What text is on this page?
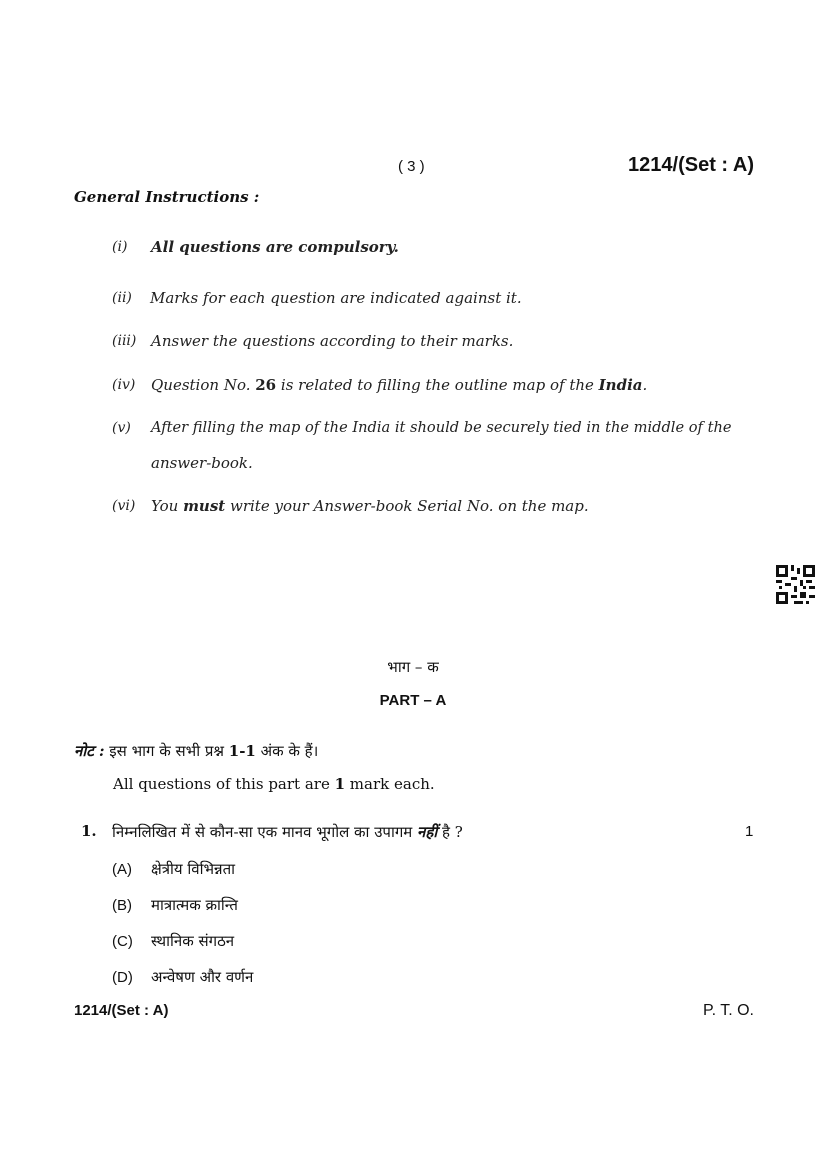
( 3 )	1214/(Set : A)
General Instructions :
(i) All questions are compulsory.
(ii) Marks for each question are indicated against it.
(iii) Answer the questions according to their marks.
(iv) Question No. 26 is related to filling the outline map of the India.
(v) After filling the map of the India it should be securely tied in the middle of the
answer-book.
(vi) You must write your Answer-book Serial No. on the map.
भाग – क
PART – A
नोट : इस भाग के सभी प्रश्न 1-1 अंक के हैं।
All questions of this part are 1 mark each.
1. निम्नलिखित में से कौन-सा एक मानव भूगोल का उपागम नहीं है ?	1
(A) क्षेत्रीय विभिन्नता
(B) मात्रात्मक क्रान्ति
(C) स्थानिक संगठन
(D) अन्वेषण और वर्णन
1214/(Set : A)	P. T. O.
